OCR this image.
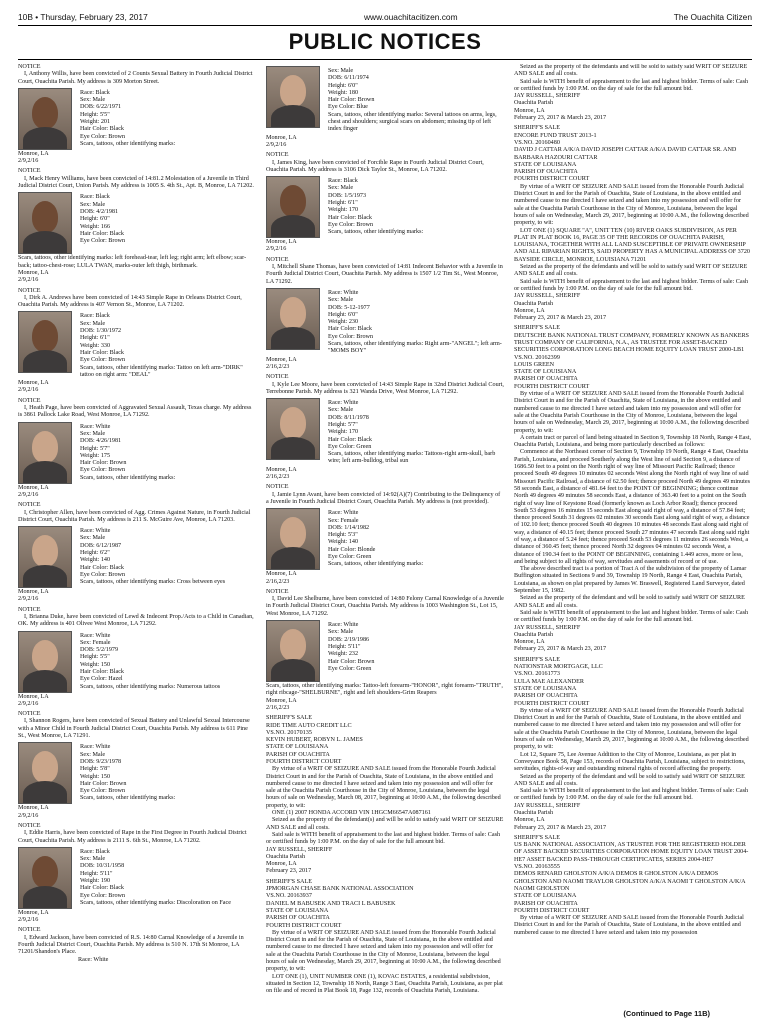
10B • Thursday, February 23, 2017	www.ouachitacitizen.com	The Ouachita Citizen
PUBLIC NOTICES

NOTICE

I, Anthony Willis, have been convicted of 2 Counts Sexual Battery in Fourth Judicial District Court, Ouachita Parish. My address is 309 Morton Street.

Race: Black

Sex: Male

DOB: 6/22/1971

Height: 5'5"

Weight: 201

Hair Color: Black

Eye Color: Brown

Scars, tattoos, other identifying marks:

Monroe, LA

2/9,2/16

NOTICE

I, Mack Henry Williams, have been convicted of 14:81.2 Molestation of a Juvenile in Third Judicial District Court, Union Parish. My address is 1005 S. 4th St., Apt. B, Monroe, LA 71202.

Race: Black

Sex: Male

DOB: 4/2/1981

Height: 6'0"

Weight: 166

Hair Color: Black

Eye Color: Brown

Scars, tattoos, other identifying marks: left forehead-tear, left leg; right arm; left elbow; scar-back; tattoo-chest-rose; LULA TWAN, marks-outer left thigh, birthmark.

Monroe, LA

2/9,2/16

NOTICE

I, Dirk A. Andrews have been convicted of 14:43 Simple Rape in Orleans District Court, Ouachita Parish. My address is 407 Vernon St., Monroe, LA 71202.

Race: Black

Sex: Male

DOB: 1/30/1972

Height: 6'1"

Weight: 330

Hair Color: Black

Eye Color: Brown

Scars, tattoos, other identifying marks: Tattoo on left arm-"DIRK" tattoo on right arm: "DEAL"

Monroe, LA

2/9,2/16

NOTICE

I, Heath Page, have been convicted of Aggravated Sexual Assault, Texas charge. My address is 3861 Pallock Lake Road, West Monroe, LA 71292.

Race: White

Sex: Male

DOB: 4/26/1981

Height: 5'7"

Weight: 175

Hair Color: Brown

Eye Color: Brown

Scars, tattoos, other identifying marks:

Monroe, LA

2/9,2/16

NOTICE

I, Christopher Allen, have been convicted of Agg. Crimes Against Nature, in Fourth Judicial District Court, Ouachita Parish. My address is 211 S. McGuire Ave, Monroe, LA 71203.

Race: White

Sex: Male

DOB: 6/12/1987

Height: 6'2"

Weight: 140

Hair Color: Black

Eye Color: Brown

Scars, tattoos, other identifying marks: Cross between eyes

Monroe, LA

2/9,2/16

NOTICE

I, Brianna Duke, have been convicted of Lewd & Indecent Prop./Acts to a Child in Canadian, OK. My address is 401 Olivee West Monroe, LA 71292.

Race: White

Sex: Female

DOB: 5/2/1979

Height: 5'5"

Weight: 150

Hair Color: Black

Eye Color: Hazel

Scars, tattoos, other identifying marks: Numerous tattoos

Monroe, LA

2/9,2/16

NOTICE

I, Shannon Rogers, have been convicted of Sexual Battery and Unlawful Sexual Intercourse with a Minor Child in Fourth Judicial District Court, Ouachita Parish. My address is 611 Pine St., West Monroe, LA 71291.

Race: White

Sex: Male

DOB: 9/23/1978

Height: 5'8"

Weight: 150

Hair Color: Brown

Eye Color: Brown

Scars, tattoos, other identifying marks:

Monroe, LA

2/9,2/16

NOTICE

I, Eddie Harris, have been convicted of Rape in the First Degree in Fourth Judicial District Court, Ouachita Parish. My address is 2111 S. 6th St., Monroe, LA 71202.

Race: Black

Sex: Male

DOB: 10/31/1958

Height: 5'11"

Weight: 190

Hair Color: Black

Eye Color: Brown

Scars, tattoos, other identifying marks: Discoloration on Face

Monroe, LA

2/9,2/16

NOTICE

I, Edward Jackson, have been convicted of R.S. 14:80 Carnal Knowledge of a Juvenile in Fourth Judicial District Court, Ouachita Parish. My address is 510 N. 17th St Monroe, LA 71201/Shandon's Place.

Race: White

Sex: Male

DOB: 6/11/1974

Height: 6'0"

Weight: 180

Hair Color: Brown

Eye Color: Blue

Scars, tattoos, other identifying marks: Several tattoos on arms, legs, chest and shoulders; surgical scars on abdomen; missing tip of left index finger

Monroe, LA

2/9,2/16

NOTICE

I, James King, have been convicted of Forcible Rape in Fourth Judicial District Court, Ouachita Parish. My address is 3106 Dick Taylor St., Monroe, LA 71202.

Race: Black

Sex: Male

DOB: 1/5/1973

Height: 6'1"

Weight: 170

Hair Color: Black

Eye Color: Brown

Scars, tattoos, other identifying marks:

Monroe, LA

2/9,2/16

NOTICE

I, Mitchell Shane Thomas, have been convicted of 14:81 Indecent Behavior with a Juvenile in Fourth Judicial District Court, Ouachita Parish. My address is 1507 1/2 Tim St., West Monroe, LA 71292.

Race: White

Sex: Male

DOB: 5-12-1977

Height: 6'0"

Weight: 230

Hair Color: Black

Eye Color: Brown

Scars, tattoos, other identifying marks: Right arm-"ANGEL"; left arm-"MOMS BOY"

Monroe, LA

2/16,2/23

NOTICE

I, Kyle Lee Moore, have been convicted of 14:43 Simple Rape in 32nd District Judicial Court, Terrebonne Parish. My address is 321 Wanda Drive, West Monroe, LA 71292.

Race: White

Sex: Male

DOB: 8/11/1978

Height: 5'7"

Weight: 170

Hair Color: Black

Eye Color: Green

Scars, tattoos, other identifying marks: Tattoos-right arm-skull, barb wire; left arm-bulldog, tribal sun

Monroe, LA

2/16,2/23

NOTICE

I, Jamie Lynn Avant, have been convicted of 14:92(A)(7) Contributing to the Delinquency of a Juvenile in Fourth Judicial District Court, Ouachita Parish. My address is (not provided).

Race: White

Sex: Female

DOB: 1/14/1982

Height: 5'3"

Weight: 140

Hair Color: Blonde

Eye Color: Green

Scars, tattoos, other identifying marks:

Monroe, LA

2/16,2/23

NOTICE

I, David Lee Shelburne, have been convicted of 14:80 Felony Carnal Knowledge of a Juvenile in Fourth Judicial District Court, Ouachita Parish. My address is 1003 Washington St., Lot 15, West Monroe, LA 71292.

Race: White

Sex: Male

DOB: 2/19/1986

Height: 5'11"

Weight: 232

Hair Color: Brown

Eye Color: Green

Scars, tattoos, other identifying marks: Tattoo-left forearm-"HONOR", right forearm-"TRUTH", right ribcage-"SHELBURNE", right and left shoulders-Grim Reapers

Monroe, LA

2/16,2/23

SHERIFF'S SALE

RIDE TIME AUTO CREDIT LLC

VS.NO. 20170135

KEVIN HUBERT, ROBYN L. JAMES

STATE OF LOUISIANA

PARISH OF OUACHITA

FOURTH DISTRICT COURT

By virtue of a WRIT OF SEIZURE AND SALE issued from the Honorable Fourth Judicial District Court in and for the Parish of Ouachita, State of Louisiana, in the above entitled and numbered cause to me directed I have seized and taken into my possession and will offer for sale at the Ouachita Parish Courthouse in the City of Monroe, Louisiana, between the legal hours of sale on Wednesday, March 08, 2017, beginning at 10:00 A.M., the following described property, to wit:

ONE (1) 2007 HONDA ACCORD VIN 1HGCM66547A087161

Seized as the property of the defendant(s) and will be sold to satisfy said WRIT OF SEIZURE AND SALE and all costs.

Said sale is WITH benefit of appraisement to the last and highest bidder. Terms of sale: Cash or certified funds by 1:00 P.M. on the day of sale for the full amount bid.

JAY RUSSELL, SHERIFF

Ouachita Parish

Monroe, LA

February 23, 2017

SHERIFF'S SALE

JPMORGAN CHASE BANK NATIONAL ASSOCIATION

VS.NO. 20163937

DANIEL M BABUSEK AND TRACI L BABUSEK

STATE OF LOUISIANA

PARISH OF OUACHITA

FOURTH DISTRICT COURT

By virtue of a WRIT OF SEIZURE AND SALE issued from the Honorable Fourth Judicial District Court in and for the Parish of Ouachita, State of Louisiana, in the above entitled and numbered cause to me directed I have seized and taken into my possession and will offer for sale at the Ouachita Parish Courthouse in the City of Monroe, Louisiana, between the legal hours of sale on Wednesday, March 29, 2017, beginning at 10:00 A.M., the following described property, to wit:

LOT ONE (1), UNIT NUMBER ONE (1), KOVAC ESTATES, a residential subdivision, situated in Section 12, Township 18 North, Range 3 East, Ouachita Parish, Louisiana, as per plat on file and of record in Plat Book 18, Page 132, records of Ouachita Parish, Louisiana.

Seized as the property of the defendants and will be sold to satisfy said WRIT OF SEIZURE AND SALE and all costs.

Said sale is WITH benefit of appraisement to the last and highest bidder. Terms of sale: Cash or certified funds by 1:00 P.M. on the day of sale for the full amount bid.

JAY RUSSELL, SHERIFF

Ouachita Parish

Monroe, LA

February 23, 2017 & March 23, 2017

SHERIFF'S SALE

ENCORE FUND TRUST 2013-1

VS.NO. 20160480

DAVID J CATTAR A/K/A DAVID JOSEPH CATTAR A/K/A DAVID CATTAR SR. AND BARBARA HAZOURI CATTAR

STATE OF LOUISIANA

PARISH OF OUACHITA

FOURTH DISTRICT COURT

By virtue of a WRIT OF SEIZURE AND SALE issued from the Honorable Fourth Judicial District Court in and for the Parish of Ouachita, State of Louisiana, in the above entitled and numbered cause to me directed I have seized and taken into my possession and will offer for sale at the Ouachita Parish Courthouse in the City of Monroe, Louisiana, between the legal hours of sale on Wednesday, March 29, 2017, beginning at 10:00 A.M., the following described property, to wit:

LOT ONE (1) SQUARE "A", UNIT TEN (10) RIVER OAKS SUBDIVISION, AS PER PLAT IN PLAT BOOK 16, PAGE 35 OF THE RECORDS OF OUACHITA PARISH, LOUISIANA, TOGETHER WITH ALL LAND SUSCEPTIBLE OF PRIVATE OWNERSHIP AND ALL RIPARIAN RIGHTS, SAID PROPERTY HAS A MUNICIPAL ADDRESS OF 3720 BAYSIDE CIRCLE, MONROE, LOUISIANA 71201

Seized as the property of the defendants and will be sold to satisfy said WRIT OF SEIZURE AND SALE and all costs.

Said sale is WITH benefit of appraisement to the last and highest bidder. Terms of sale: Cash or certified funds by 1:00 P.M. on the day of sale for the full amount bid.

JAY RUSSELL, SHERIFF

Ouachita Parish

Monroe, LA

February 23, 2017 & March 23, 2017

SHERIFF'S SALE

DEUTSCHE BANK NATIONAL TRUST COMPANY, FORMERLY KNOWN AS BANKERS TRUST COMPANY OF CALIFORNIA, N.A., AS TRUSTEE FOR ASSET-BACKED SECURITIES CORPORATION LONG BEACH HOME EQUITY LOAN TRUST 2000-LB1

VS.NO. 20162399

LOUIS GREEN

STATE OF LOUISIANA

PARISH OF OUACHITA

FOURTH DISTRICT COURT

By virtue of a WRIT OF SEIZURE AND SALE issued from the Honorable Fourth Judicial District Court in and for the Parish of Ouachita, State of Louisiana, in the above entitled and numbered cause to me directed I have seized and taken into my possession and will offer for sale at the Ouachita Parish Courthouse in the City of Monroe, Louisiana, between the legal hours of sale on Wednesday, March 29, 2017, beginning at 10:00 A.M., the following described property, to wit:

A certain tract or parcel of land being situated in Section 9, Township 18 North, Range 4 East, Ouachita Parish, Louisiana, and being more particularly described as follows:

Commence at the Northeast corner of Section 9, Township 19 North, Range 4 East, Ouachita Parish, Louisiana, and proceed Southerly along the West line of said Section 9, a distance of 1686.50 feet to a point on the North right of way line of Missouri Pacific Railroad; thence proceed South 49 degrees 10 minutes 02 seconds West along the North right of way line of said Missouri Pacific Railroad, a distance of 62.50 feet; thence proceed North 49 degrees 49 minutes 58 seconds East, a distance of 481.64 feet to the POINT OF BEGINNING; thence continue North 49 degrees 49 minutes 58 seconds East, a distance of 363.40 feet to a point on the South right of way line of Keystone Road (formerly known as Loch Arbor Road); thence proceed South 53 degrees 16 minutes 15 seconds East along said right of way, a distance of 57.84 feet; thence proceed South 31 degrees 02 minutes 30 seconds East along said right of way, a distance of 102.10 feet; thence proceed South 40 degrees 10 minutes 48 seconds East along said right of way, a distance of 40.15 feet; thence proceed South 27 minutes 47 seconds East along said right of way, a distance of 5.24 feet; thence proceed South 53 degrees 11 minutes 26 seconds West, a distance of 360.45 feet; thence proceed North 32 degrees 04 minutes 02 seconds West, a distance of 190.34 feet to the POINT OF BEGINNING, containing 1.449 acres, more or less, and being subject to all rights of way, servitudes and easements of record or of use.

The above described tract is a portion of Tract A of the subdivision of the property of Lamar Buffington situated in Sections 9 and 39, Township 19 North, Range 4 East, Ouachita Parish, Louisiana, as shown on plat prepared by James W. Braswell, Registered Land Surveyor, dated September 15, 1982.

Seized as the property of the defendant and will be sold to satisfy said WRIT OF SEIZURE AND SALE and all costs.

Said sale is WITH benefit of appraisement to the last and highest bidder. Terms of sale: Cash or certified funds by 1:00 P.M. on the day of sale for the full amount bid.

JAY RUSSELL, SHERIFF

Ouachita Parish

Monroe, LA

February 23, 2017 & March 23, 2017

SHERIFF'S SALE

NATIONSTAR MORTGAGE, LLC

VS.NO. 20161773

LULA MAE ALEXANDER

STATE OF LOUISIANA

PARISH OF OUACHITA

FOURTH DISTRICT COURT

By virtue of a WRIT OF SEIZURE AND SALE issued from the Honorable Fourth Judicial District Court in and for the Parish of Ouachita, State of Louisiana, in the above entitled and numbered cause to me directed I have seized and taken into my possession and will offer for sale at the Ouachita Parish Courthouse in the City of Monroe, Louisiana, between the legal hours of sale on Wednesday, March 29, 2017, beginning at 10:00 A.M., the following described property, to wit:

Lot 12, Square 75, Lee Avenue Addition to the City of Monroe, Louisiana, as per plat in Conveyance Book 58, Page 153, records of Ouachita Parish, Louisiana, subject to restrictions, servitudes, rights-of-way and outstanding mineral rights of record affecting the property.

Seized as the property of the defendant and will be sold to satisfy said WRIT OF SEIZURE AND SALE and all costs.

Said sale is WITH benefit of appraisement to the last and highest bidder. Terms of sale: Cash or certified funds by 1:00 P.M. on the day of sale for the full amount bid.

JAY RUSSELL, SHERIFF

Ouachita Parish

Monroe, LA

February 23, 2017 & March 23, 2017

SHERIFF'S SALE

US BANK NATIONAL ASSOCIATION, AS TRUSTEE FOR THE REGISTERED HOLDER OF ASSET BACKED SECURITIES CORPORATION HOME EQUITY LOAN TRUST 2004-HE7 ASSET BACKED PASS-THROUGH CERTIFICATES, SERIES 2004-HE7

VS.NO. 20163555

DEMOS RENARD GHOLSTON A/K/A DEMOS R GHOLSTON A/K/A DEMOS GHOLSTON AND NAOMI TRAYLOR GHOLSTON A/K/A NAOMI T GHOLSTON A/K/A NAOMI GHOLSTON

STATE OF LOUISIANA

PARISH OF OUACHITA

FOURTH DISTRICT COURT

By virtue of a WRIT OF SEIZURE AND SALE issued from the Honorable Fourth Judicial District Court in and for the Parish of Ouachita, State of Louisiana, in the above entitled and numbered cause to me directed I have seized and taken into my possession

(Continued to Page 11B)
